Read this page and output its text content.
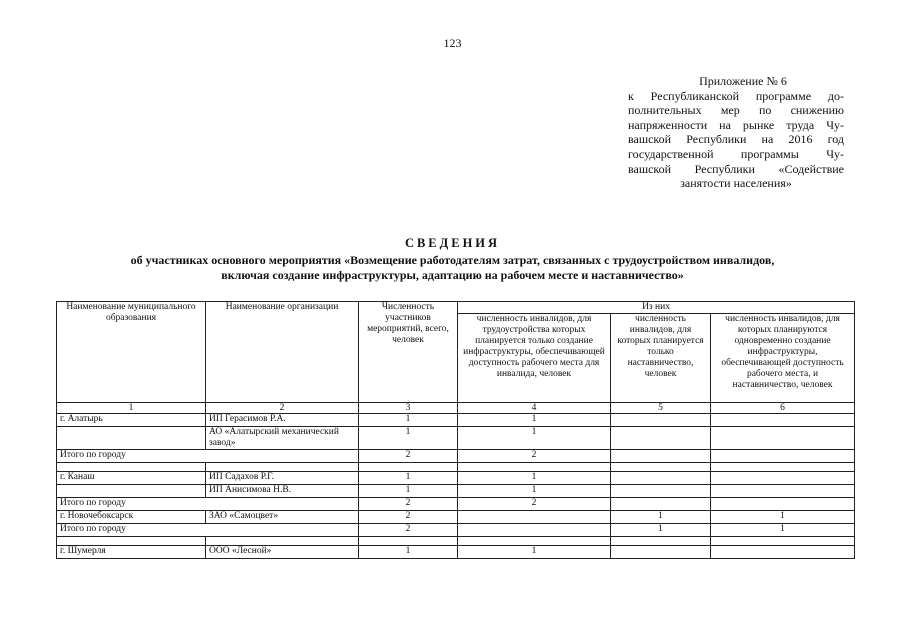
123
Приложение № 6
к Республиканской программе до-
полнительных мер по снижению
напряженности на рынке труда Чу-
вашской Республики на 2016 год
государственной программы Чу-
вашской Республики «Содействие
занятости населения»
СВЕДЕНИЯ
об участниках основного мероприятия «Возмещение работодателям затрат, связанных с трудоустройством инвалидов,
включая создание инфраструктуры, адаптацию на рабочем месте и наставничество»
Наименование муниципального образования	Наименование организации	Численность участников мероприятий, всего, человек	Из них		
			численность инвалидов, для трудоустройства которых планируется только создание инфраструктуры, обеспечивающей доступность рабочего места для инвалида, человек	численность инвалидов, для которых планируется только наставничество, человек	численность инвалидов, для которых планируются одновременно создание инфраструктуры, обеспечивающей доступность рабочего места, и наставничество, человек
1	2	3	4	5	6
г. Алатырь	ИП Герасимов Р.А.	1	1		
	АО «Алатырский механический завод»	1	1		
Итого по городу		2	2		

г. Канаш	ИП Садахов Р.Г.	1	1		
	ИП Анисимова Н.В.	1	1		
Итого по городу		2	2		
г. Новочебоксарск	ЗАО «Самоцвет»	2		1	1
Итого по городу		2		1	1

г. Шумерля	ООО «Лесной»	1	1		
